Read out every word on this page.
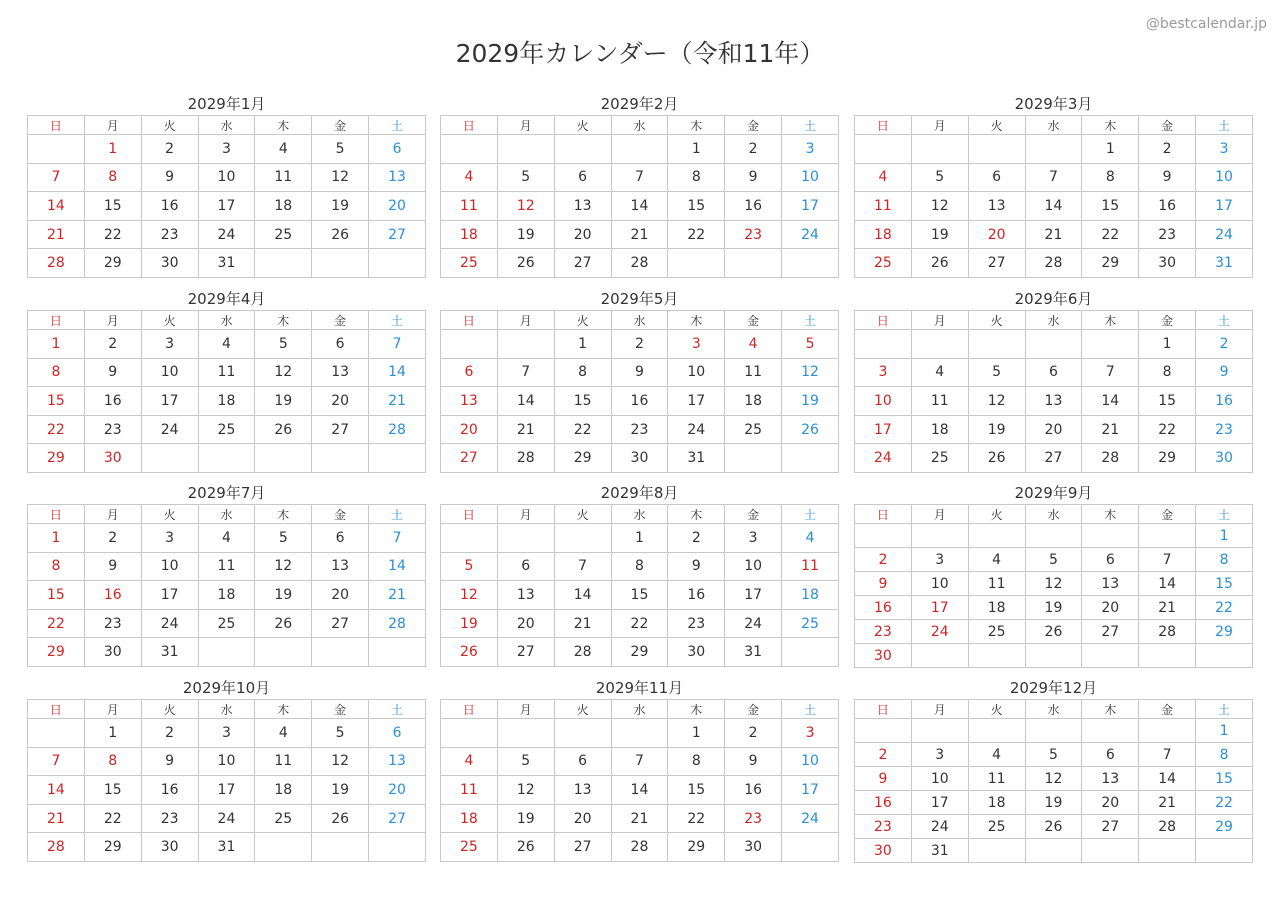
@bestcalendar.jp
2029年カレンダー（令和11年）
2029年1月
日	月	火	水	木	金	土
	1	2	3	4	5	6
7	8	9	10	11	12	13
14	15	16	17	18	19	20
21	22	23	24	25	26	27
28	29	30	31			
2029年2月
日	月	火	水	木	金	土
				1	2	3
4	5	6	7	8	9	10
11	12	13	14	15	16	17
18	19	20	21	22	23	24
25	26	27	28			
2029年3月
日	月	火	水	木	金	土
				1	2	3
4	5	6	7	8	9	10
11	12	13	14	15	16	17
18	19	20	21	22	23	24
25	26	27	28	29	30	31
2029年4月
日	月	火	水	木	金	土
1	2	3	4	5	6	7
8	9	10	11	12	13	14
15	16	17	18	19	20	21
22	23	24	25	26	27	28
29	30					
2029年5月
日	月	火	水	木	金	土
		1	2	3	4	5
6	7	8	9	10	11	12
13	14	15	16	17	18	19
20	21	22	23	24	25	26
27	28	29	30	31		
2029年6月
日	月	火	水	木	金	土
					1	2
3	4	5	6	7	8	9
10	11	12	13	14	15	16
17	18	19	20	21	22	23
24	25	26	27	28	29	30
2029年7月
日	月	火	水	木	金	土
1	2	3	4	5	6	7
8	9	10	11	12	13	14
15	16	17	18	19	20	21
22	23	24	25	26	27	28
29	30	31				
2029年8月
日	月	火	水	木	金	土
			1	2	3	4
5	6	7	8	9	10	11
12	13	14	15	16	17	18
19	20	21	22	23	24	25
26	27	28	29	30	31	
2029年9月
日	月	火	水	木	金	土
						1
2	3	4	5	6	7	8
9	10	11	12	13	14	15
16	17	18	19	20	21	22
23	24	25	26	27	28	29
30						
2029年10月
日	月	火	水	木	金	土
	1	2	3	4	5	6
7	8	9	10	11	12	13
14	15	16	17	18	19	20
21	22	23	24	25	26	27
28	29	30	31			
2029年11月
日	月	火	水	木	金	土
				1	2	3
4	5	6	7	8	9	10
11	12	13	14	15	16	17
18	19	20	21	22	23	24
25	26	27	28	29	30	
2029年12月
日	月	火	水	木	金	土
						1
2	3	4	5	6	7	8
9	10	11	12	13	14	15
16	17	18	19	20	21	22
23	24	25	26	27	28	29
30	31					
